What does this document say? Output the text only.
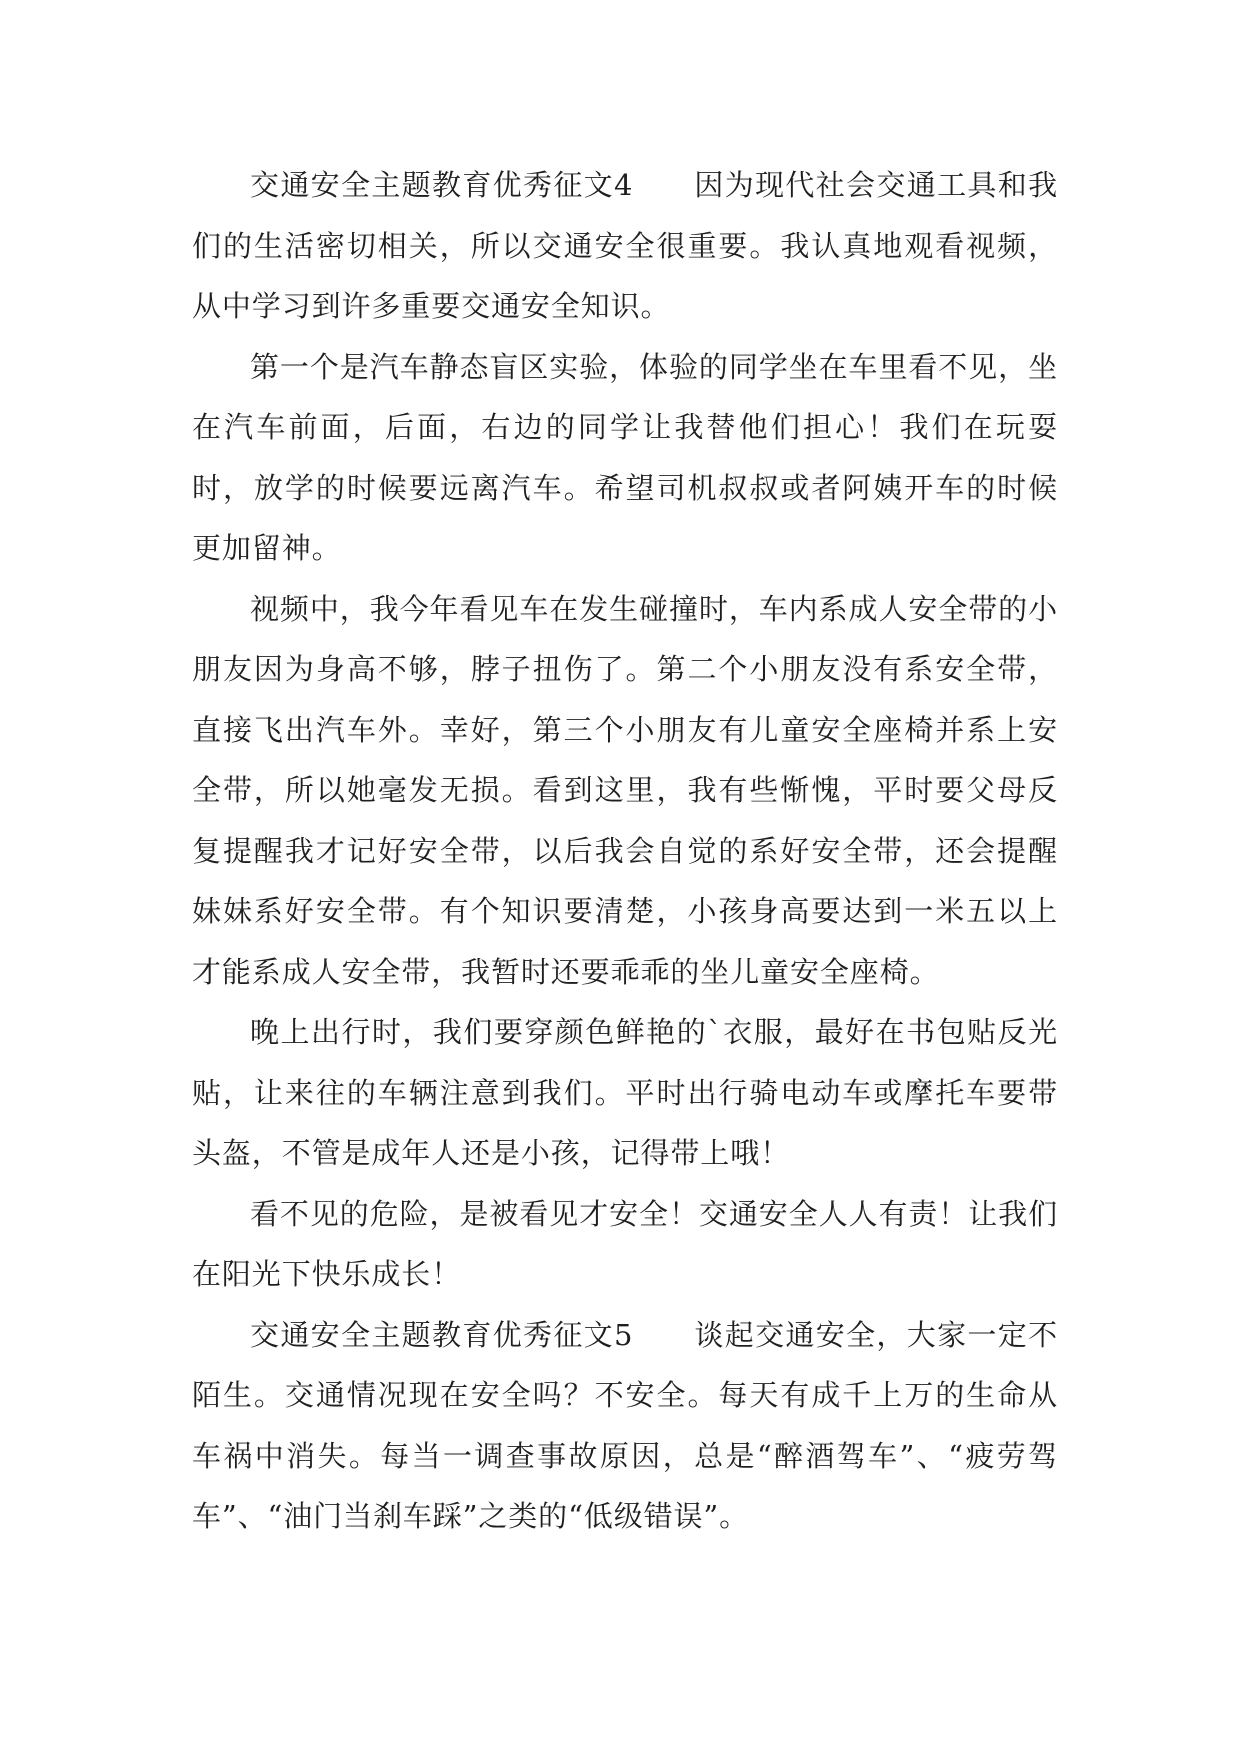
交通安全主题教育优秀征文4　　因为现代社会交通工具和我们的生活密切相关，所以交通安全很重要。我认真地观看视频，从中学习到许多重要交通安全知识。

第一个是汽车静态盲区实验，体验的同学坐在车里看不见，坐在汽车前面，后面，右边的同学让我替他们担心！我们在玩耍时，放学的时候要远离汽车。希望司机叔叔或者阿姨开车的时候更加留神。

视频中，我今年看见车在发生碰撞时，车内系成人安全带的小朋友因为身高不够，脖子扭伤了。第二个小朋友没有系安全带，直接飞出汽车外。幸好，第三个小朋友有儿童安全座椅并系上安全带，所以她毫发无损。看到这里，我有些惭愧，平时要父母反复提醒我才记好安全带，以后我会自觉的系好安全带，还会提醒妹妹系好安全带。有个知识要清楚，小孩身高要达到一米五以上才能系成人安全带，我暂时还要乖乖的坐儿童安全座椅。

晚上出行时，我们要穿颜色鲜艳的`衣服，最好在书包贴反光贴，让来往的车辆注意到我们。平时出行骑电动车或摩托车要带头盔，不管是成年人还是小孩，记得带上哦！

看不见的危险，是被看见才安全！交通安全人人有责！让我们在阳光下快乐成长！

交通安全主题教育优秀征文5　　谈起交通安全，大家一定不陌生。交通情况现在安全吗？不安全。每天有成千上万的生命从车祸中消失。每当一调查事故原因，总是“醉酒驾车”、“疲劳驾车”、“油门当刹车踩”之类的“低级错误”。
